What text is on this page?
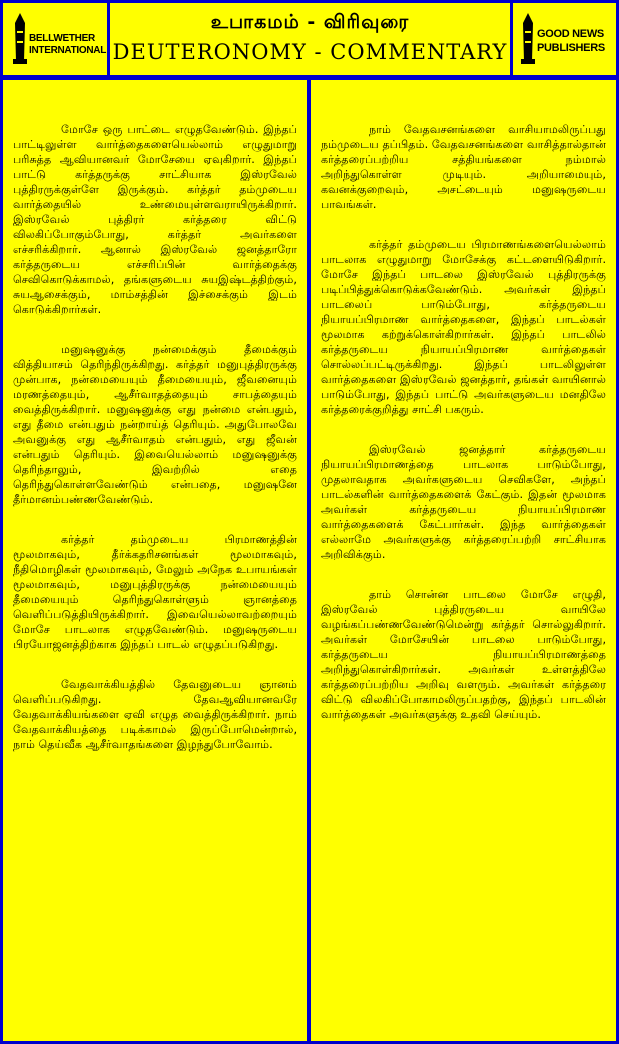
BELLWETHER
INTERNATIONAL
உபாகமம் - விரிவுரை
DEUTERONOMY - COMMENTARY
GOOD NEWS
PUBLISHERS

மோசே ஒரு பாட்டை எழுதவேண்டும். இந்தப் பாட்டிலுள்ள வார்த்தைகளையெல்லாம் எழுதுமாறு பரிசுத்த ஆவியானவர் மோசேயை ஏவுகிறார். இந்தப் பாட்டு கர்த்தருக்கு சாட்சியாக இஸ்ரவேல் புத்திரருக்குள்ளே இருக்கும். கர்த்தர் தம்முடைய வார்த்தையில் உண்மையுள்ளவராயிருக்கிறார். இஸ்ரவேல் புத்திரர் கர்த்தரை விட்டு விலகிப்போகும்போது, கர்த்தர் அவர்களை எச்சரிக்கிறார். ஆனால் இஸ்ரவேல் ஜனத்தாரோ கர்த்தருடைய எச்சரிப்பின் வார்த்தைக்கு செவிகொடுக்காமல், தங்களுடைய சுயஇஷ்டத்திற்கும், சுயஆசைக்கும், மாம்சத்தின் இச்சைக்கும் இடம் கொடுக்கிறார்கள்.

மனுஷனுக்கு நன்மைக்கும் தீமைக்கும் வித்தியாசம் தெரிந்திருக்கிறது. கர்த்தர் மனுபுத்திரருக்கு முன்பாக, நன்மையையும் தீமையையும், ஜீவனையும் மரணத்தையும், ஆசீர்வாதத்தையும் சாபத்தையும் வைத்திருக்கிறார். மனுஷனுக்கு எது நன்மை என்பதும், எது தீமை என்பதும் நன்றாய்த் தெரியும். அதுபோலவே அவனுக்கு எது ஆசீர்வாதம் என்பதும், எது ஜீவன் என்பதும் தெரியும். இவையெல்லாம் மனுஷனுக்கு தெரிந்தாலும், இவற்றில் எதை தெரிந்துகொள்ளவேண்டும் என்பதை, மனுஷனே தீர்மானம்பண்ணவேண்டும்.

கர்த்தர் தம்முடைய பிரமாணத்தின் மூலமாகவும், தீர்க்கதரிசனங்கள் மூலமாகவும், நீதிமொழிகள் மூலமாகவும், மேலும் அநேக உபாயங்கள் மூலமாகவும், மனுபுத்திரருக்கு நன்மையையும் தீமையையும் தெரிந்துகொள்ளும் ஞானத்தை வெளிப்படுத்தியிருக்கிறார். இவையெல்லாவற்றையும் மோசே பாடலாக எழுதவேண்டும். மனுஷருடைய பிரயோஜனத்திற்காக இந்தப் பாடல் எழுதப்படுகிறது.

வேதவாக்கியத்தில் தேவனுடைய ஞானம் வெளிப்படுகிறது. தேவஆவியானவரே வேதவாக்கியங்களை ஏவி எழுத வைத்திருக்கிறார். நாம் வேதவாக்கியத்தை படிக்காமல் இருப்போமென்றால், நாம் தெய்வீக ஆசீர்வாதங்களை இழந்துபோவோம்.

நாம் வேதவசனங்களை வாசியாமலிருப்பது நம்முடைய தப்பிதம். வேதவசனங்களை வாசித்தால்தான் கர்த்தரைப்பற்றிய சத்தியங்களை நம்மால் அறிந்துகொள்ள முடியும். அறியாமையும், கவனக்குறைவும், அசட்டையும் மனுஷருடைய பாவங்கள்.

கர்த்தர் தம்முடைய பிரமாணங்களையெல்லாம் பாடலாக எழுதுமாறு மோசேக்கு கட்டளையிடுகிறார். மோசே இந்தப் பாடலை இஸ்ரவேல் புத்திரருக்கு படிப்பித்துக்கொடுக்கவேண்டும். அவர்கள் இந்தப் பாடலைப் பாடும்போது, கர்த்தருடைய நியாயப்பிரமாண வார்த்தைகளை, இந்தப் பாடல்கள் மூலமாக கற்றுக்கொள்கிறார்கள். இந்தப் பாடலில் கர்த்தருடைய நியாயப்பிரமாண வார்த்தைகள் சொல்லப்பட்டிருக்கிறது. இந்தப் பாடலிலுள்ள வார்த்தைகளை இஸ்ரவேல் ஜனத்தார், தங்கள் வாயினால் பாடும்போது, இந்தப் பாட்டு அவர்களுடைய மனதிலே கர்த்தரைக்குறித்து சாட்சி பகரும்.

இஸ்ரவேல் ஜனத்தார் கர்த்தருடைய நியாயப்பிரமாணத்தை பாடலாக பாடும்போது, முதலாவதாக அவர்களுடைய செவிகளே, அந்தப் பாடல்களின் வார்த்தைகளைக் கேட்கும். இதன் மூலமாக அவர்கள் கர்த்தருடைய நியாயப்பிரமாண வார்த்தைகளைக் கேட்பார்கள். இந்த வார்த்தைகள் எல்லாமே அவர்களுக்கு கர்த்தரைப்பற்றி சாட்சியாக அறிவிக்கும்.

தாம் சொன்ன பாடலை மோசே எழுதி, இஸ்ரவேல் புத்திரருடைய வாயிலே வழங்கப்பண்ணவேண்டுமென்று கர்த்தர் சொல்லுகிறார். அவர்கள் மோசேயின் பாடலை பாடும்போது, கர்த்தருடைய நியாயப்பிரமாணத்தை அறிந்துகொள்கிறார்கள். அவர்கள் உள்ளத்திலே கர்த்தரைப்பற்றிய அறிவு வளரும். அவர்கள் கர்த்தரை விட்டு விலகிப்போகாமலிருப்பதற்கு, இந்தப் பாடலின் வார்த்தைகள் அவர்களுக்கு உதவி செய்யும்.
